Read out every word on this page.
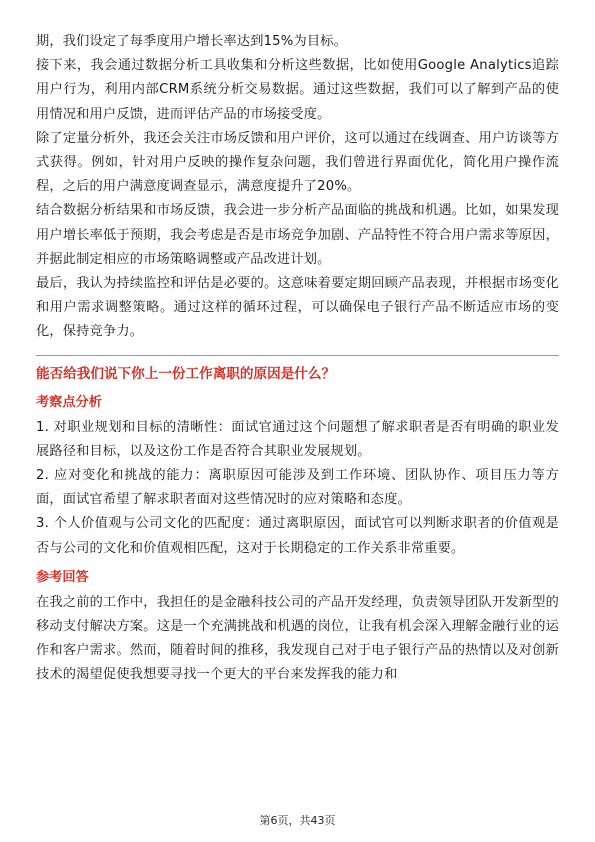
期，我们设定了每季度用户增长率达到15%为目标。

接下来，我会通过数据分析工具收集和分析这些数据，比如使用Google Analytics追踪用户行为，利用内部CRM系统分析交易数据。通过这些数据，我们可以了解到产品的使用情况和用户反馈，进而评估产品的市场接受度。

除了定量分析外，我还会关注市场反馈和用户评价，这可以通过在线调查、用户访谈等方式获得。例如，针对用户反映的操作复杂问题，我们曾进行界面优化，简化用户操作流程，之后的用户满意度调查显示，满意度提升了20%。

结合数据分析结果和市场反馈，我会进一步分析产品面临的挑战和机遇。比如，如果发现用户增长率低于预期，我会考虑是否是市场竞争加剧、产品特性不符合用户需求等原因，并据此制定相应的市场策略调整或产品改进计划。

最后，我认为持续监控和评估是必要的。这意味着要定期回顾产品表现，并根据市场变化和用户需求调整策略。通过这样的循环过程，可以确保电子银行产品不断适应市场的变化，保持竞争力。

能否给我们说下你上一份工作离职的原因是什么？

考察点分析

1. 对职业规划和目标的清晰性：面试官通过这个问题想了解求职者是否有明确的职业发展路径和目标，以及这份工作是否符合其职业发展规划。

2. 应对变化和挑战的能力：离职原因可能涉及到工作环境、团队协作、项目压力等方面，面试官希望了解求职者面对这些情况时的应对策略和态度。

3. 个人价值观与公司文化的匹配度：通过离职原因，面试官可以判断求职者的价值观是否与公司的文化和价值观相匹配，这对于长期稳定的工作关系非常重要。

参考回答

在我之前的工作中，我担任的是金融科技公司的产品开发经理，负责领导团队开发新型的移动支付解决方案。这是一个充满挑战和机遇的岗位，让我有机会深入理解金融行业的运作和客户需求。然而，随着时间的推移，我发现自己对于电子银行产品的热情以及对创新技术的渴望促使我想要寻找一个更大的平台来发挥我的能力和

第6页，共43页
